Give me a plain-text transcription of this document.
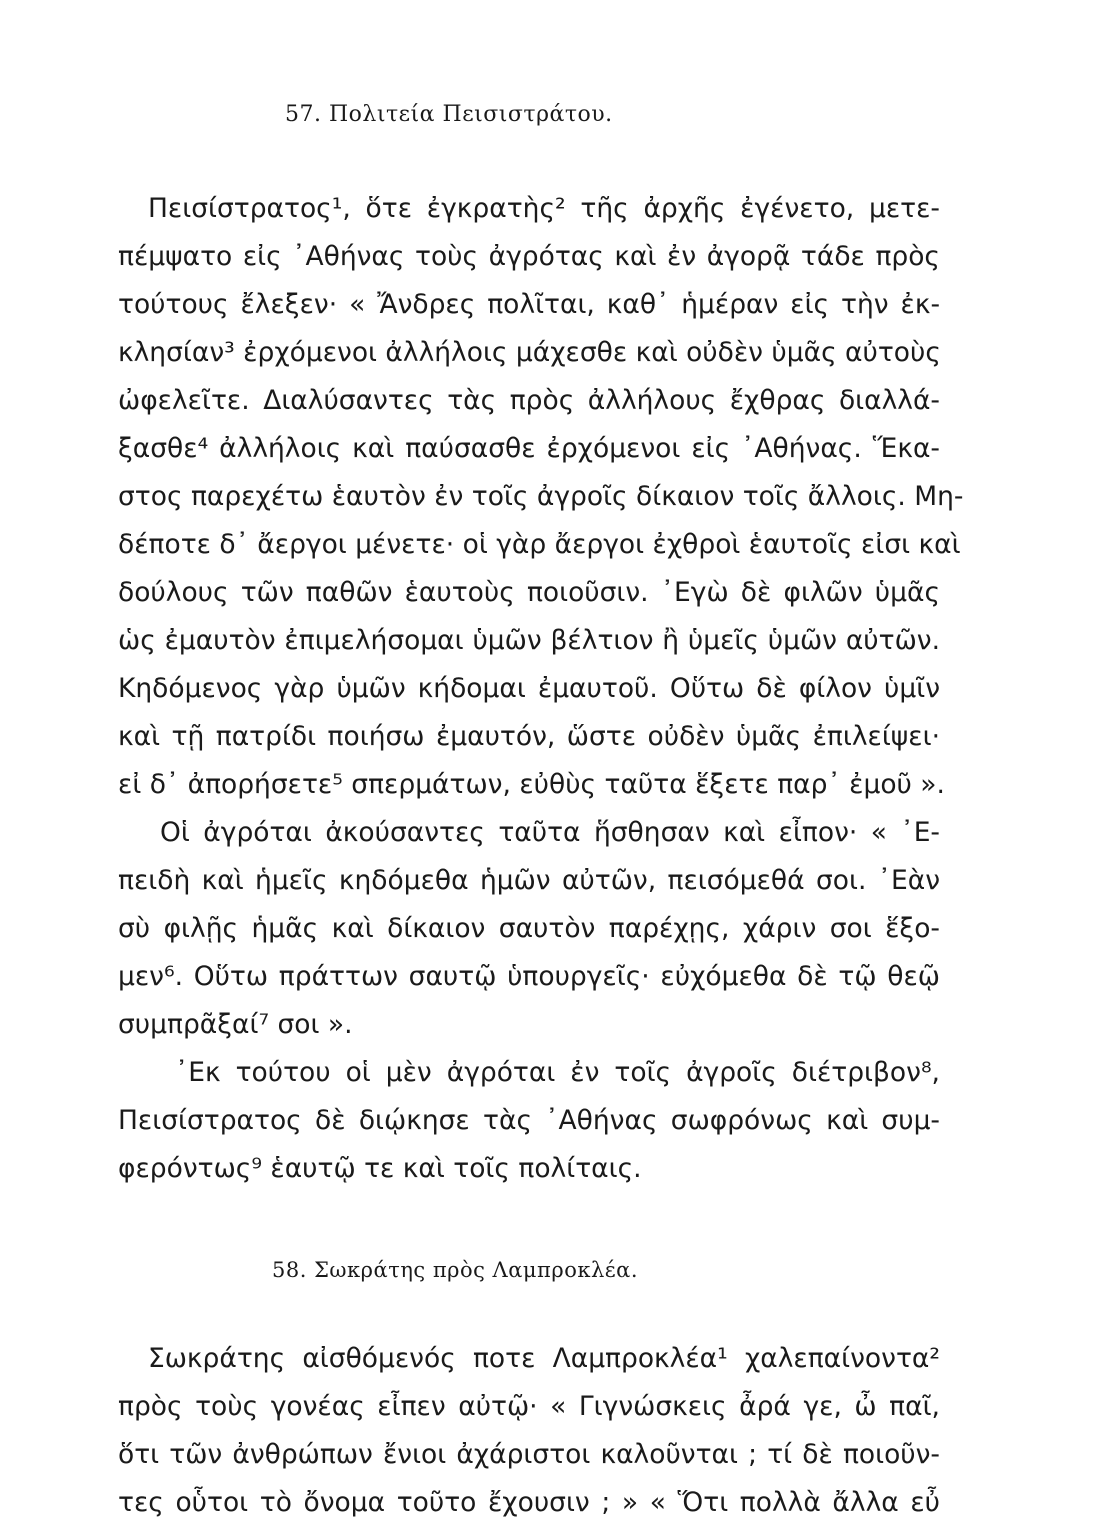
57. Πολιτεία Πεισιστράτου.
Πεισίστρατος¹, ὅτε ἐγκρατὴς² τῆς ἀρχῆς ἐγένετο, μετε-
πέμψατο εἰς ᾿Αθήνας τοὺς ἀγρότας καὶ ἐν ἀγορᾷ τάδε πρὸς
τούτους ἔλεξεν· « Ἄνδρες πολῖται, καθ᾿ ἡμέραν εἰς τὴν ἐκ-
κλησίαν³ ἐρχόμενοι ἀλλήλοις μάχεσθε καὶ οὐδὲν ὑμᾶς αὐτοὺς
ὠφελεῖτε. Διαλύσαντες τὰς πρὸς ἀλλήλους ἔχθρας διαλλά-
ξασθε⁴ ἀλλήλοις καὶ παύσασθε ἐρχόμενοι εἰς ᾿Αθήνας. Ἕκα-
στος παρεχέτω ἑαυτὸν ἐν τοῖς ἀγροῖς δίκαιον τοῖς ἄλλοις. Μη-
δέποτε δ᾿ ἄεργοι μένετε· οἱ γὰρ ἄεργοι ἐχθροὶ ἑαυτοῖς εἰσι καὶ
δούλους τῶν παθῶν ἑαυτοὺς ποιοῦσιν. ᾿Εγὼ δὲ φιλῶν ὑμᾶς
ὡς ἐμαυτὸν ἐπιμελήσομαι ὑμῶν βέλτιον ἢ ὑμεῖς ὑμῶν αὐτῶν.
Κηδόμενος γὰρ ὑμῶν κήδομαι ἐμαυτοῦ. Οὕτω δὲ φίλον ὑμῖν
καὶ τῇ πατρίδι ποιήσω ἐμαυτόν, ὥστε οὐδὲν ὑμᾶς ἐπιλείψει·
εἰ δ᾿ ἀπορήσετε⁵ σπερμάτων, εὐθὺς ταῦτα ἕξετε παρ᾿ ἐμοῦ ».
Οἱ ἀγρόται ἀκούσαντες ταῦτα ἥσθησαν καὶ εἶπον· « ᾿Ε-
πειδὴ καὶ ἡμεῖς κηδόμεθα ἡμῶν αὐτῶν, πεισόμεθά σοι. ᾿Εὰν
σὺ φιλῇς ἡμᾶς καὶ δίκαιον σαυτὸν παρέχῃς, χάριν σοι ἕξο-
μεν⁶. Οὕτω πράττων σαυτῷ ὑπουργεῖς· εὐχόμεθα δὲ τῷ θεῷ
συμπρᾶξαί⁷ σοι ».
᾿Εκ τούτου οἱ μὲν ἀγρόται ἐν τοῖς ἀγροῖς διέτριβον⁸,
Πεισίστρατος δὲ διῴκησε τὰς ᾿Αθήνας σωφρόνως καὶ συμ-
φερόντως⁹ ἑαυτῷ τε καὶ τοῖς πολίταις.
58. Σωκράτης πρὸς Λαμπροκλέα.
Σωκράτης αἰσθόμενός ποτε Λαμπροκλέα¹ χαλεπαίνοντα²
πρὸς τοὺς γονέας εἶπεν αὐτῷ· « Γιγνώσκεις ἆρά γε, ὦ παῖ,
ὅτι τῶν ἀνθρώπων ἔνιοι ἀχάριστοι καλοῦνται ; τί δὲ ποιοῦν-
τες οὗτοι τὸ ὄνομα τοῦτο ἔχουσιν ; » « Ὅτι πολλὰ ἄλλα εὖ
